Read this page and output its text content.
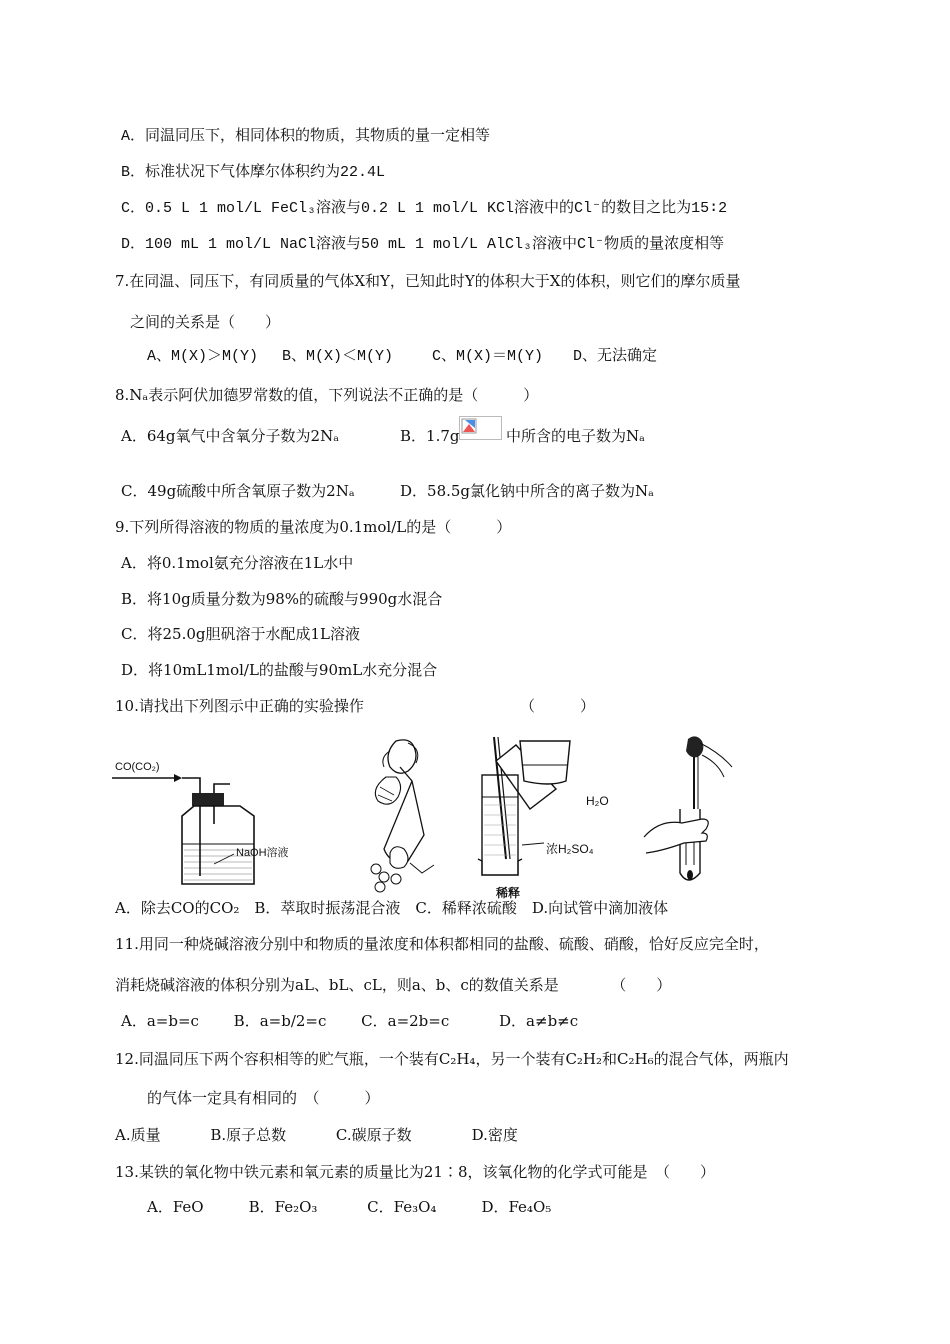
A．同温同压下，相同体积的物质，其物质的量一定相等
B．标准状况下气体摩尔体积约为22.4L
C．0.5 L 1 mol/L FeCl₃溶液与0.2 L 1 mol/L KCl溶液中的Cl⁻的数目之比为15∶2
D．100 mL 1 mol/L NaCl溶液与50 mL 1 mol/L AlCl₃溶液中Cl⁻物质的量浓度相等
7.在同温、同压下，有同质量的气体X和Y，已知此时Y的体积大于X的体积，则它们的摩尔质量
之间的关系是（　　）
A、M(X)＞M(Y)　 B、M(X)＜M(Y)　　 C、M(X)＝M(Y)　　D、无法确定
8.Nₐ表示阿伏加德罗常数的值，下列说法不正确的是（　　　）
A．64g氧气中含氧分子数为2Nₐ	B．1.7g	中所含的电子数为Nₐ
C．49g硫酸中所含氧原子数为2Nₐ	D．58.5g氯化钠中所含的离子数为Nₐ
9.下列所得溶液的物质的量浓度为0.1mol/L的是（　　　）
A．将0.1mol氨充分溶液在1L水中
B．将10g质量分数为98%的硫酸与990g水混合
C．将25.0g胆矾溶于水配成1L溶液
D．将10mL1mol/L的盐酸与90mL水充分混合
10.请找出下列图示中正确的实验操作	（　　　）
CO(CO₂)
NaOH溶液
H₂O
浓H₂SO₄
稀释
A．除去CO的CO₂　B．萃取时振荡混合液　C．稀释浓硫酸　D.向试管中滴加液体
11.用同一种烧碱溶液分别中和物质的量浓度和体积都相同的盐酸、硫酸、硝酸，恰好反应完全时，
消耗烧碱溶液的体积分别为aL、bL、cL，则a、b、c的数值关系是　　　　（　　）
A．a=b=c　　 B．a=b/2=c　　 C．a=2b=c　　　 D．a≠b≠c
12.同温同压下两个容积相等的贮气瓶，一个装有C₂H₄，另一个装有C₂H₂和C₂H₆的混合气体，两瓶内
的气体一定具有相同的　（　　　）
A.质量　　　 B.原子总数　　　 C.碳原子数　　　　D.密度
13.某铁的氧化物中铁元素和氧元素的质量比为21∶8，该氧化物的化学式可能是　（　　）
A．FeO　　　B．Fe₂O₃　　　 C．Fe₃O₄　　　D．Fe₄O₅
